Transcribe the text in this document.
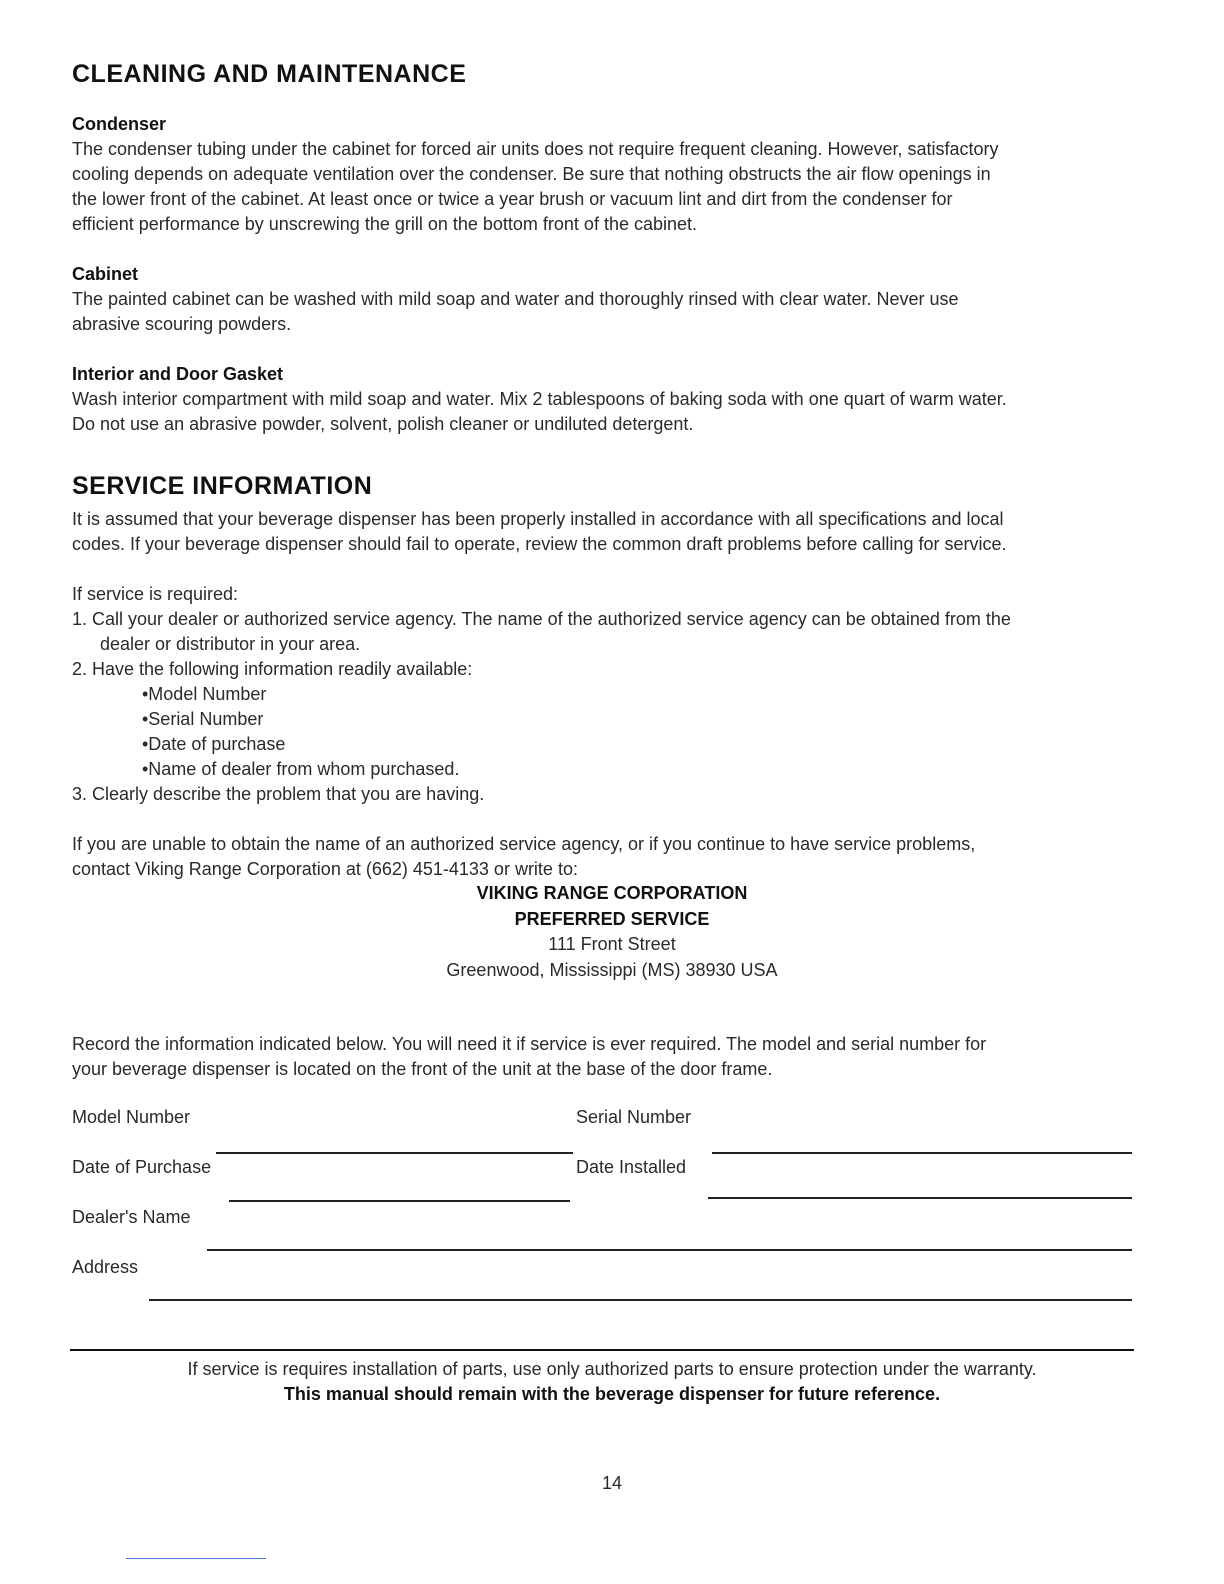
CLEANING AND MAINTENANCE
Condenser
The condenser tubing under the cabinet for forced air units does not require frequent cleaning. However, satisfactory
cooling depends on adequate ventilation over the condenser. Be sure that nothing obstructs the air flow openings in
the lower front of the cabinet. At least once or twice a year brush or vacuum lint and dirt from the condenser for
efficient performance by unscrewing the grill on the bottom front of the cabinet.
Cabinet
The painted cabinet can be washed with mild soap and water and thoroughly rinsed with clear water. Never use
abrasive scouring powders.
Interior and Door Gasket
Wash interior compartment with mild soap and water. Mix 2 tablespoons of baking soda with one quart of warm water.
Do not use an abrasive powder, solvent, polish cleaner or undiluted detergent.
SERVICE INFORMATION
It is assumed that your beverage dispenser has been properly installed in accordance with all specifications and local
codes. If your beverage dispenser should fail to operate, review the common draft problems before calling for service.
If service is required:
1. Call your dealer or authorized service agency. The name of the authorized service agency can be obtained from the
dealer or distributor in your area.
2. Have the following information readily available:
•Model Number
•Serial Number
•Date of purchase
•Name of dealer from whom purchased.
3. Clearly describe the problem that you are having.
If you are unable to obtain the name of an authorized service agency, or if you continue to have service problems,
contact Viking Range Corporation at (662) 451-4133 or write to:
VIKING RANGE CORPORATION
PREFERRED SERVICE
111 Front Street
Greenwood, Mississippi (MS) 38930 USA
Record the information indicated below. You will need it if service is ever required. The model and serial number for
your beverage dispenser is located on the front of the unit at the base of the door frame.
Model Number	Serial Number
Date of Purchase	Date Installed
Dealer's Name
Address
If service is requires installation of parts, use only authorized parts to ensure protection under the warranty.
This manual should remain with the beverage dispenser for future reference.
14
